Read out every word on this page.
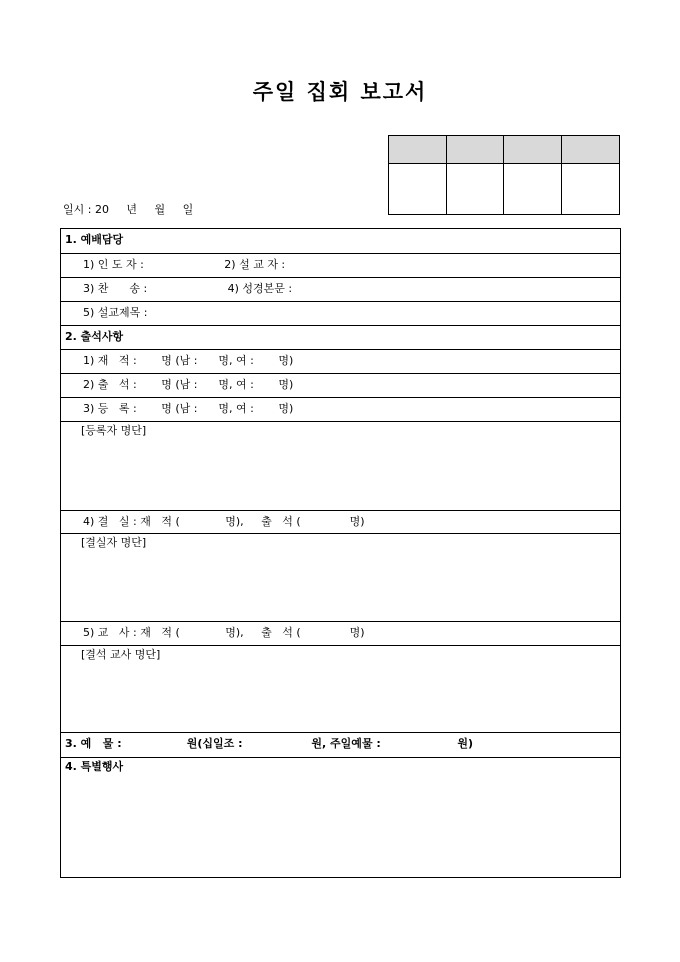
주일 집회 보고서
일시 : 20     년     월     일
1. 예배담당
1) 인 도 자 :                       2) 설 교 자 :
3) 찬      송 :                       4) 성경본문 :
5) 설교제목 :
2. 출석사항
1) 재   적 :       명 (남 :      명, 여 :       명)
2) 출   석 :       명 (남 :      명, 여 :       명)
3) 등   록 :       명 (남 :      명, 여 :       명)

[등록자 명단]

4) 결   실 : 재   적 (             명),     출   석 (              명)

[결실자 명단]

5) 교   사 : 재   적 (             명),     출   석 (              명)

[결석 교사 명단]

3. 예   물 :                 원(십일조 :                  원, 주일예물 :                    원)
4. 특별행사
